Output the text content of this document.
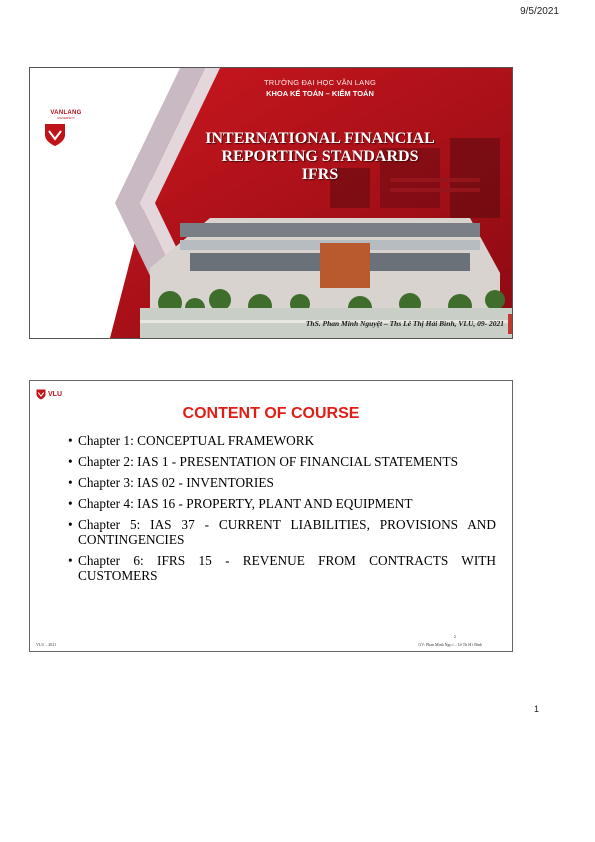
9/5/2021
VANLANG
UNIVERSITY
TRƯỜNG ĐẠI HỌC VĂN LANG
KHOA KẾ TOÁN – KIỂM TOÁN
INTERNATIONAL FINANCIAL
REPORTING STANDARDS
IFRS
ThS. Phan Minh Nguyệt – Ths Lê Thị Hải Bình, VLU, 09- 2021
VLU
CONTENT OF COURSE
• Chapter 1: CONCEPTUAL FRAMEWORK
• Chapter 2: IAS 1 - PRESENTATION OF FINANCIAL STATEMENTS
• Chapter 3: IAS 02 - INVENTORIES
• Chapter 4: IAS 16 - PROPERTY, PLANT AND EQUIPMENT
• Chapter 5: IAS 37 - CURRENT LIABILITIES, PROVISIONS AND CONTINGENCIES
• Chapter 6: IFRS 15 - REVENUE FROM CONTRACTS WITH CUSTOMERS
2
VLU – 2021	GV: Phan Minh Ngọ t – Lê Th H i Bình
1
